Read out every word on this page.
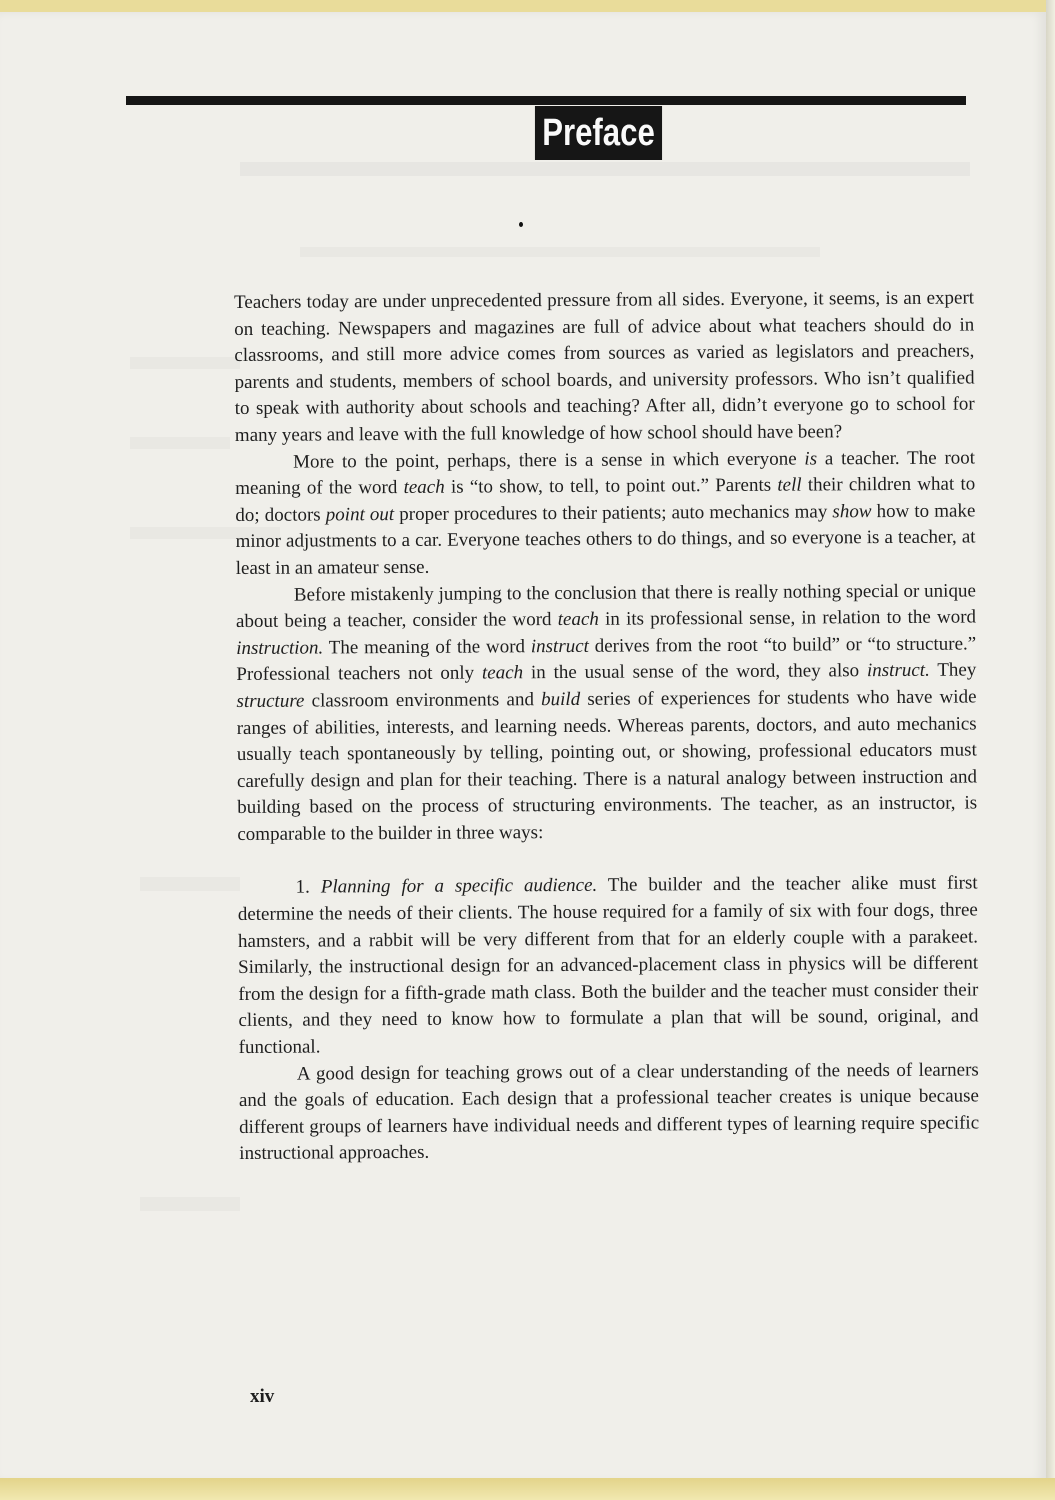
Preface

Teachers today are under unprecedented pressure from all sides. Everyone, it seems, is an expert on teaching. Newspapers and magazines are full of advice about what teachers should do in classrooms, and still more advice comes from sources as varied as legislators and preachers, parents and students, members of school boards, and university professors. Who isn’t qualified to speak with authority about schools and teaching? After all, didn’t everyone go to school for many years and leave with the full knowledge of how school should have been?

More to the point, perhaps, there is a sense in which everyone is a teacher. The root meaning of the word teach is “to show, to tell, to point out.” Parents tell their children what to do; doctors point out proper procedures to their patients; auto mechanics may show how to make minor adjustments to a car. Everyone teaches others to do things, and so everyone is a teacher, at least in an amateur sense.

Before mistakenly jumping to the conclusion that there is really nothing special or unique about being a teacher, consider the word teach in its professional sense, in relation to the word instruction. The meaning of the word instruct derives from the root “to build” or “to structure.” Professional teachers not only teach in the usual sense of the word, they also instruct. They structure classroom environments and build series of experiences for students who have wide ranges of abilities, interests, and learning needs. Whereas parents, doctors, and auto mechanics usually teach spontaneously by telling, pointing out, or showing, professional educators must carefully design and plan for their teaching. There is a natural analogy between instruction and building based on the process of structuring environments. The teacher, as an instructor, is comparable to the builder in three ways:

1. Planning for a specific audience. The builder and the teacher alike must first determine the needs of their clients. The house required for a family of six with four dogs, three hamsters, and a rabbit will be very different from that for an elderly couple with a parakeet. Similarly, the instructional design for an advanced-placement class in physics will be different from the design for a fifth-grade math class. Both the builder and the teacher must consider their clients, and they need to know how to formulate a plan that will be sound, original, and functional.

A good design for teaching grows out of a clear understanding of the needs of learners and the goals of education. Each design that a professional teacher creates is unique because different groups of learners have individual needs and different types of learning require specific instructional approaches.

xiv
